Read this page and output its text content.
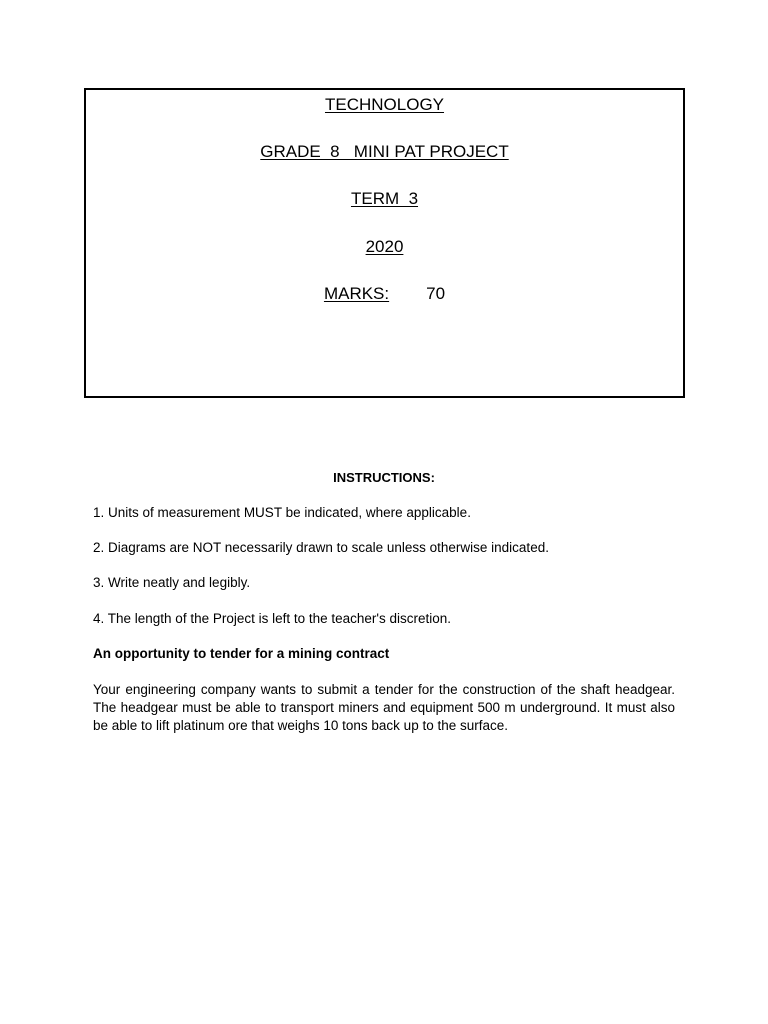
TECHNOLOGY
GRADE  8   MINI PAT PROJECT
TERM  3
2020
MARKS: 70
INSTRUCTIONS:
1. Units of measurement MUST be indicated, where applicable.
2. Diagrams are NOT necessarily drawn to scale unless otherwise indicated.
3. Write neatly and legibly.
4. The length of the Project is left to the teacher's discretion.
An opportunity to tender for a mining contract
Your engineering company wants to submit a tender for the construction of the shaft headgear. The headgear must be able to transport miners and equipment 500 m underground. It must also be able to lift platinum ore that weighs 10 tons back up to the surface.
